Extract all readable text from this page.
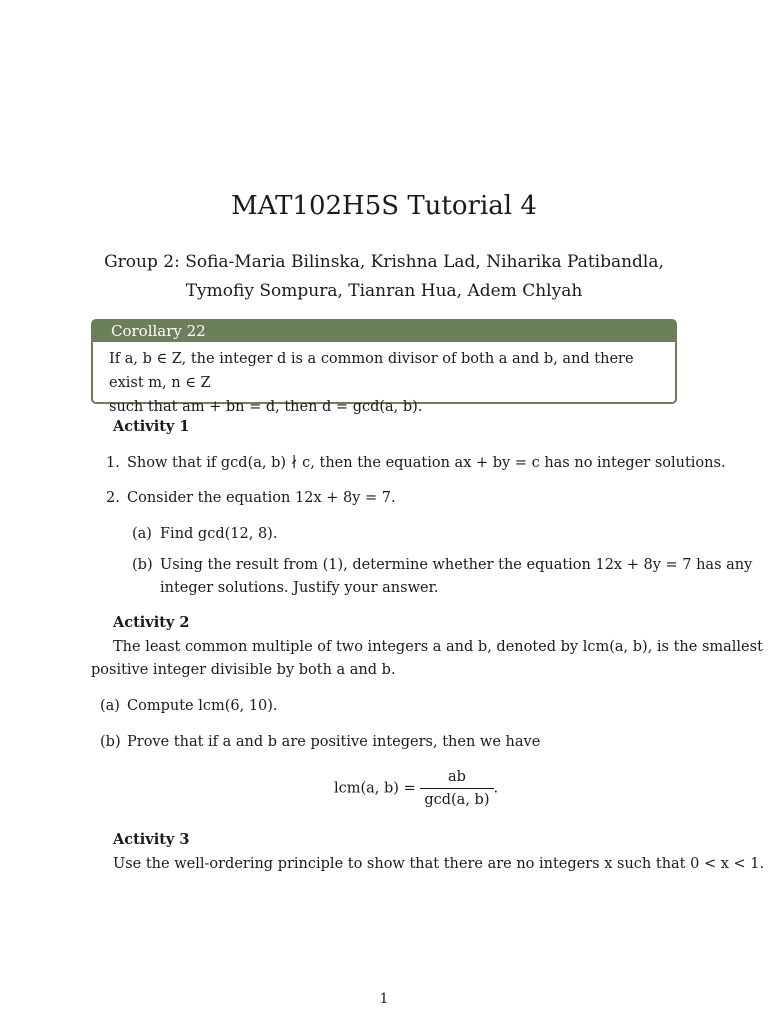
MAT102H5S Tutorial 4
Group 2: Sofia-Maria Bilinska, Krishna Lad, Niharika Patibandla,
Tymofiy Sompura, Tianran Hua, Adem Chlyah
Corollary 22
If a, b ∈ Z, the integer d is a common divisor of both a and b, and there exist m, n ∈ Z
such that am + bn = d, then d = gcd(a, b).
Activity 1
1. Show that if gcd(a, b) ∤ c, then the equation ax + by = c has no integer solutions.
2. Consider the equation 12x + 8y = 7.
(a) Find gcd(12, 8).
(b) Using the result from (1), determine whether the equation 12x + 8y = 7 has any
integer solutions. Justify your answer.
Activity 2
The least common multiple of two integers a and b, denoted by lcm(a, b), is the smallest
positive integer divisible by both a and b.
(a) Compute lcm(6, 10).
(b) Prove that if a and b are positive integers, then we have
lcm(a, $b) = \frac{ab}{\gcd(a, b)}$ .
Activity 3
Use the well-ordering principle to show that there are no integers x such that 0 < x < 1.
1
